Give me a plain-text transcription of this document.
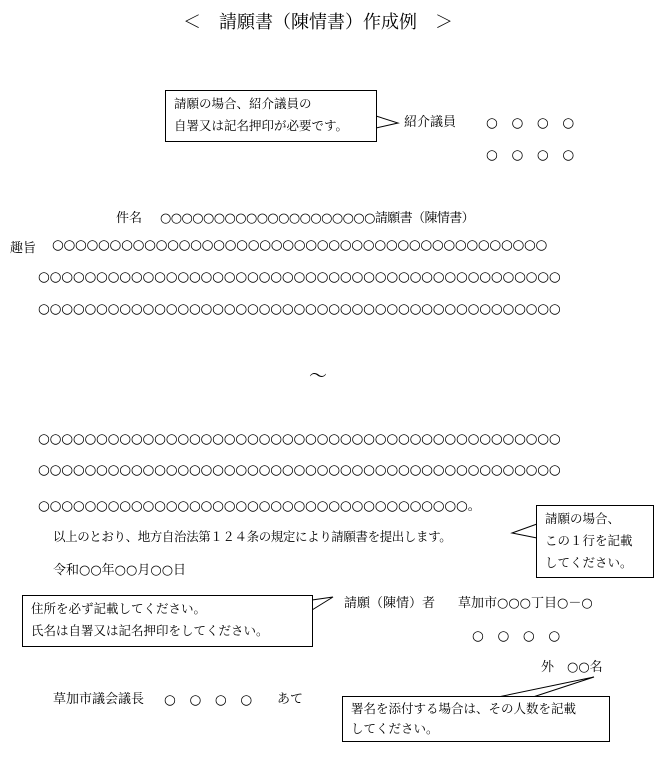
＜　請願書（陳情書）作成例　＞
請願の場合、紹介議員の
自署又は記名押印が必要です。	紹介議員 ○　○　○　○
○　○　○　○
件名 ○○○○○○○○○○○○○○○○○○○○請願書（陳情書）
趣旨 ○○○○○○○○○○○○○○○○○○○○○○○○○○○○○○○○○○○○○○○○○○○
○○○○○○○○○○○○○○○○○○○○○○○○○○○○○○○○○○○○○○○○○○○○○
○○○○○○○○○○○○○○○○○○○○○○○○○○○○○○○○○○○○○○○○○○○○○
～
○○○○○○○○○○○○○○○○○○○○○○○○○○○○○○○○○○○○○○○○○○○○○
○○○○○○○○○○○○○○○○○○○○○○○○○○○○○○○○○○○○○○○○○○○○○
○○○○○○○○○○○○○○○○○○○○○○○○○○○○○○○○○○○○○。
以上のとおり、地方自治法第１２４条の規定により請願書を提出します。
請願の場合、
この１行を記載
してください。
令和○○年○○月○○日
住所を必ず記載してください。
氏名は自署又は記名押印をしてください。
請願（陳情）者 草加市○○○丁目○－○
○　○　○　○
外　○○名
草加市議会議長 ○　○　○　○ あて
署名を添付する場合は、その人数を記載
してください。
